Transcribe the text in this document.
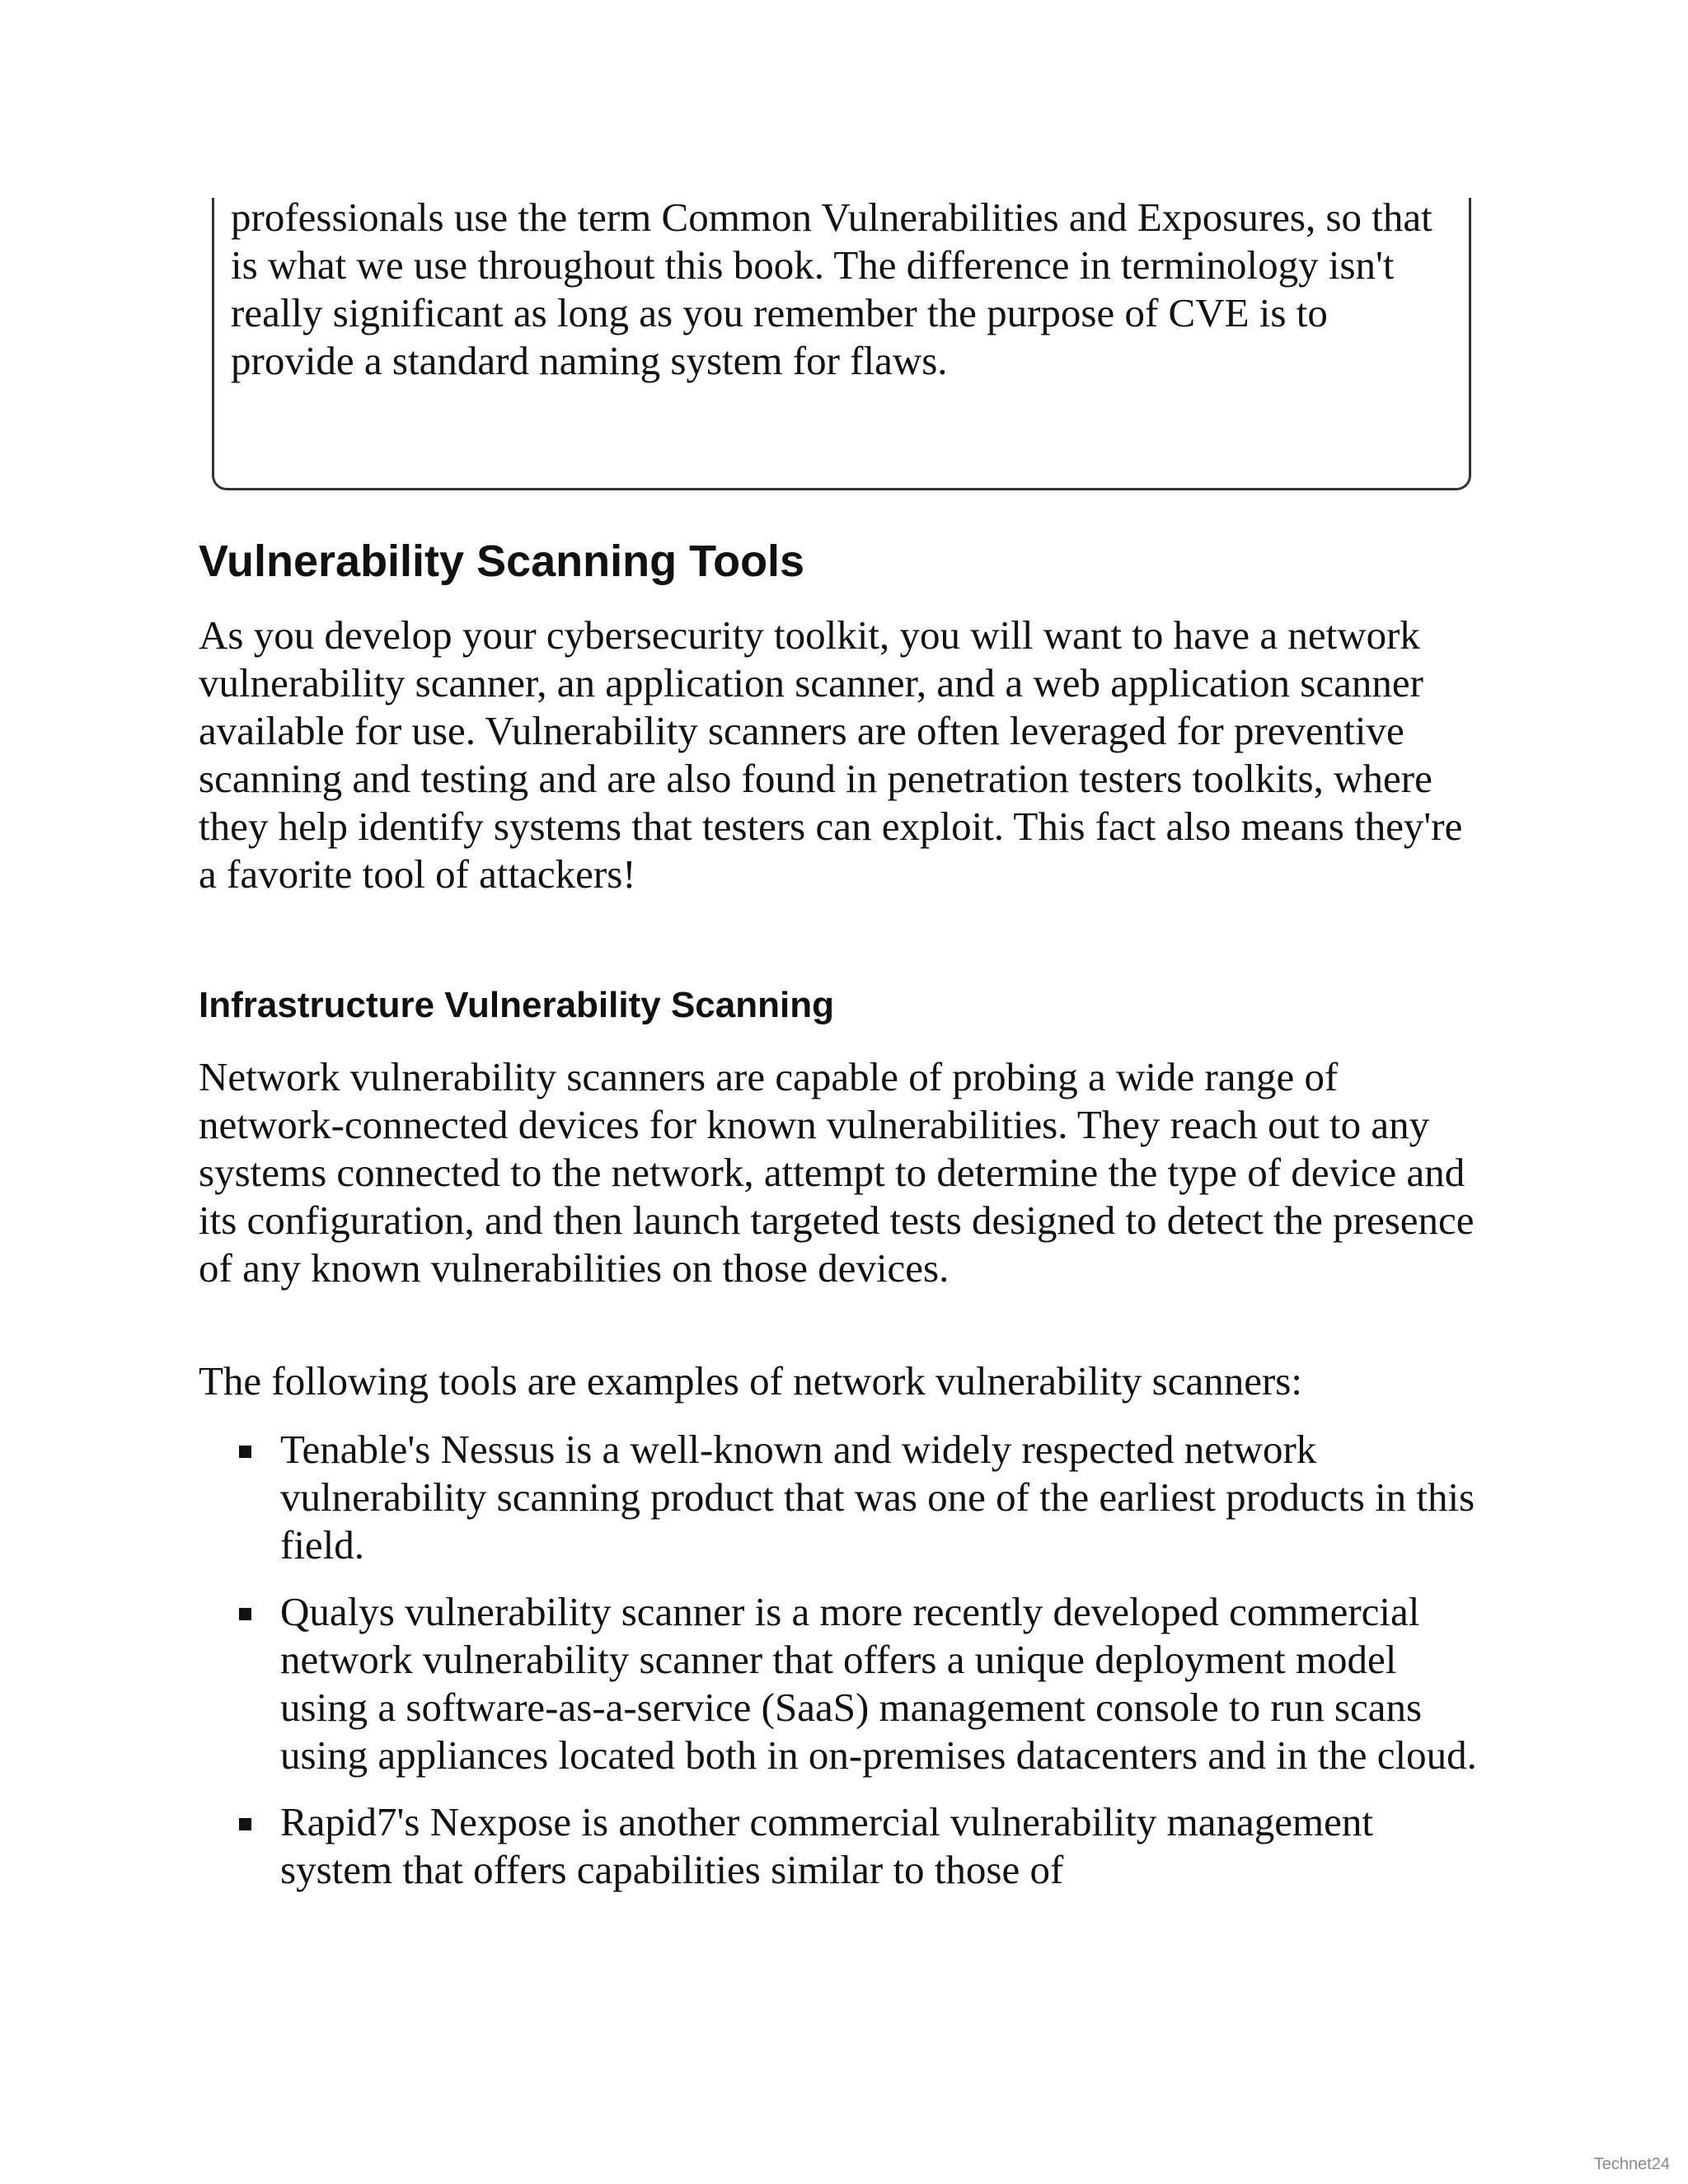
professionals use the term Common Vulnerabilities and Exposures, so that is what we use throughout this book. The difference in terminology isn't really significant as long as you remember the purpose of CVE is to provide a standard naming system for flaws.

Vulnerability Scanning Tools

As you develop your cybersecurity toolkit, you will want to have a network vulnerability scanner, an application scanner, and a web application scanner available for use. Vulnerability scanners are often leveraged for preventive scanning and testing and are also found in penetration testers toolkits, where they help identify systems that testers can exploit. This fact also means they're a favorite tool of attackers!

Infrastructure Vulnerability Scanning

Network vulnerability scanners are capable of probing a wide range of network-connected devices for known vulnerabilities. They reach out to any systems connected to the network, attempt to determine the type of device and its configuration, and then launch targeted tests designed to detect the presence of any known vulnerabilities on those devices.

The following tools are examples of network vulnerability scanners:

Tenable's Nessus is a well-known and widely respected network vulnerability scanning product that was one of the earliest products in this field.
Qualys vulnerability scanner is a more recently developed commercial network vulnerability scanner that offers a unique deployment model using a software-as-a-service (SaaS) management console to run scans using appliances located both in on-premises datacenters and in the cloud.
Rapid7's Nexpose is another commercial vulnerability management system that offers capabilities similar to those of
Technet24
